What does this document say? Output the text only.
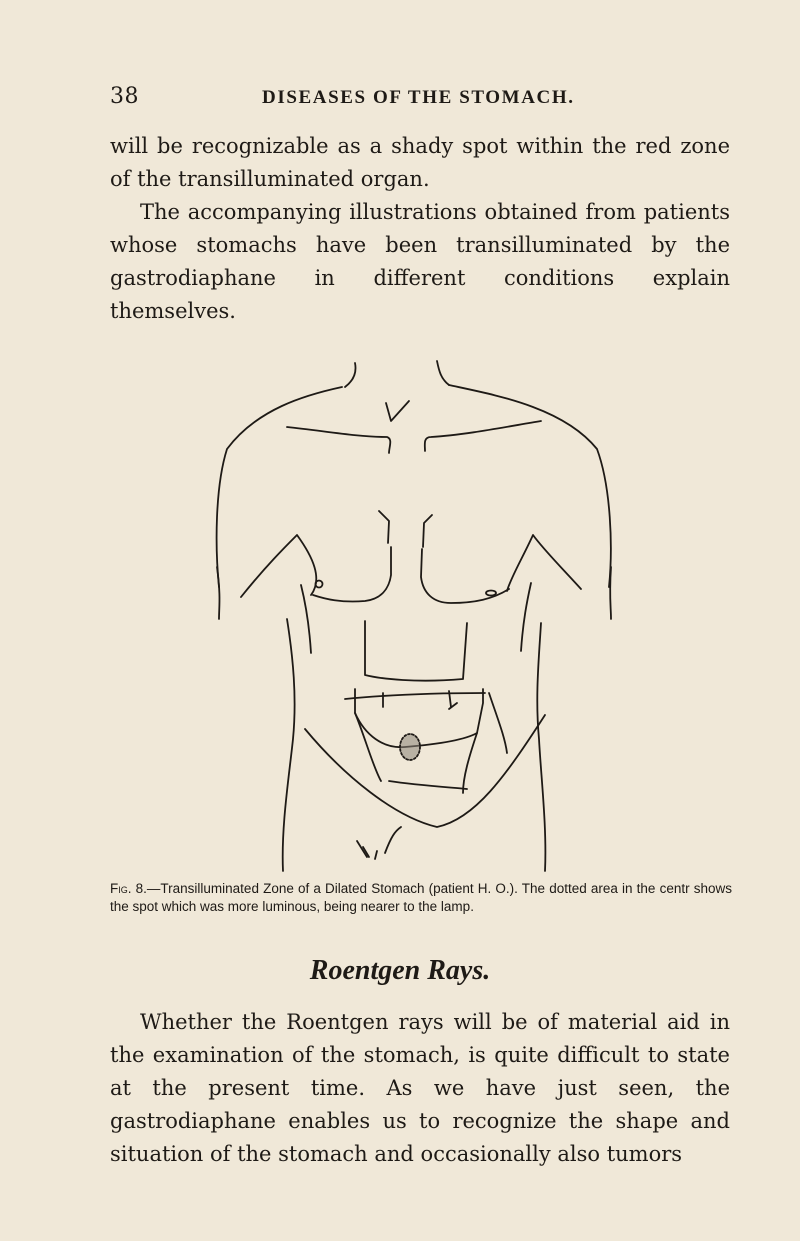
38	DISEASES OF THE STOMACH.
will be recognizable as a shady spot within the red zone
of the transilluminated organ.
The accompanying illustrations obtained from patients whose stomachs have been transilluminated by the gastrodiaphane in different conditions explain themselves.

Fig. 8.—Transilluminated Zone of a Dilated Stomach (patient H. O.). The dotted area in the centr shows the spot which was more luminous, being nearer to the lamp.

Roentgen Rays.

Whether the Roentgen rays will be of material aid in the examination of the stomach, is quite difficult to state at the present time. As we have just seen, the gastrodiaphane enables us to recognize the shape and situation of the stomach and occasionally also tumors
